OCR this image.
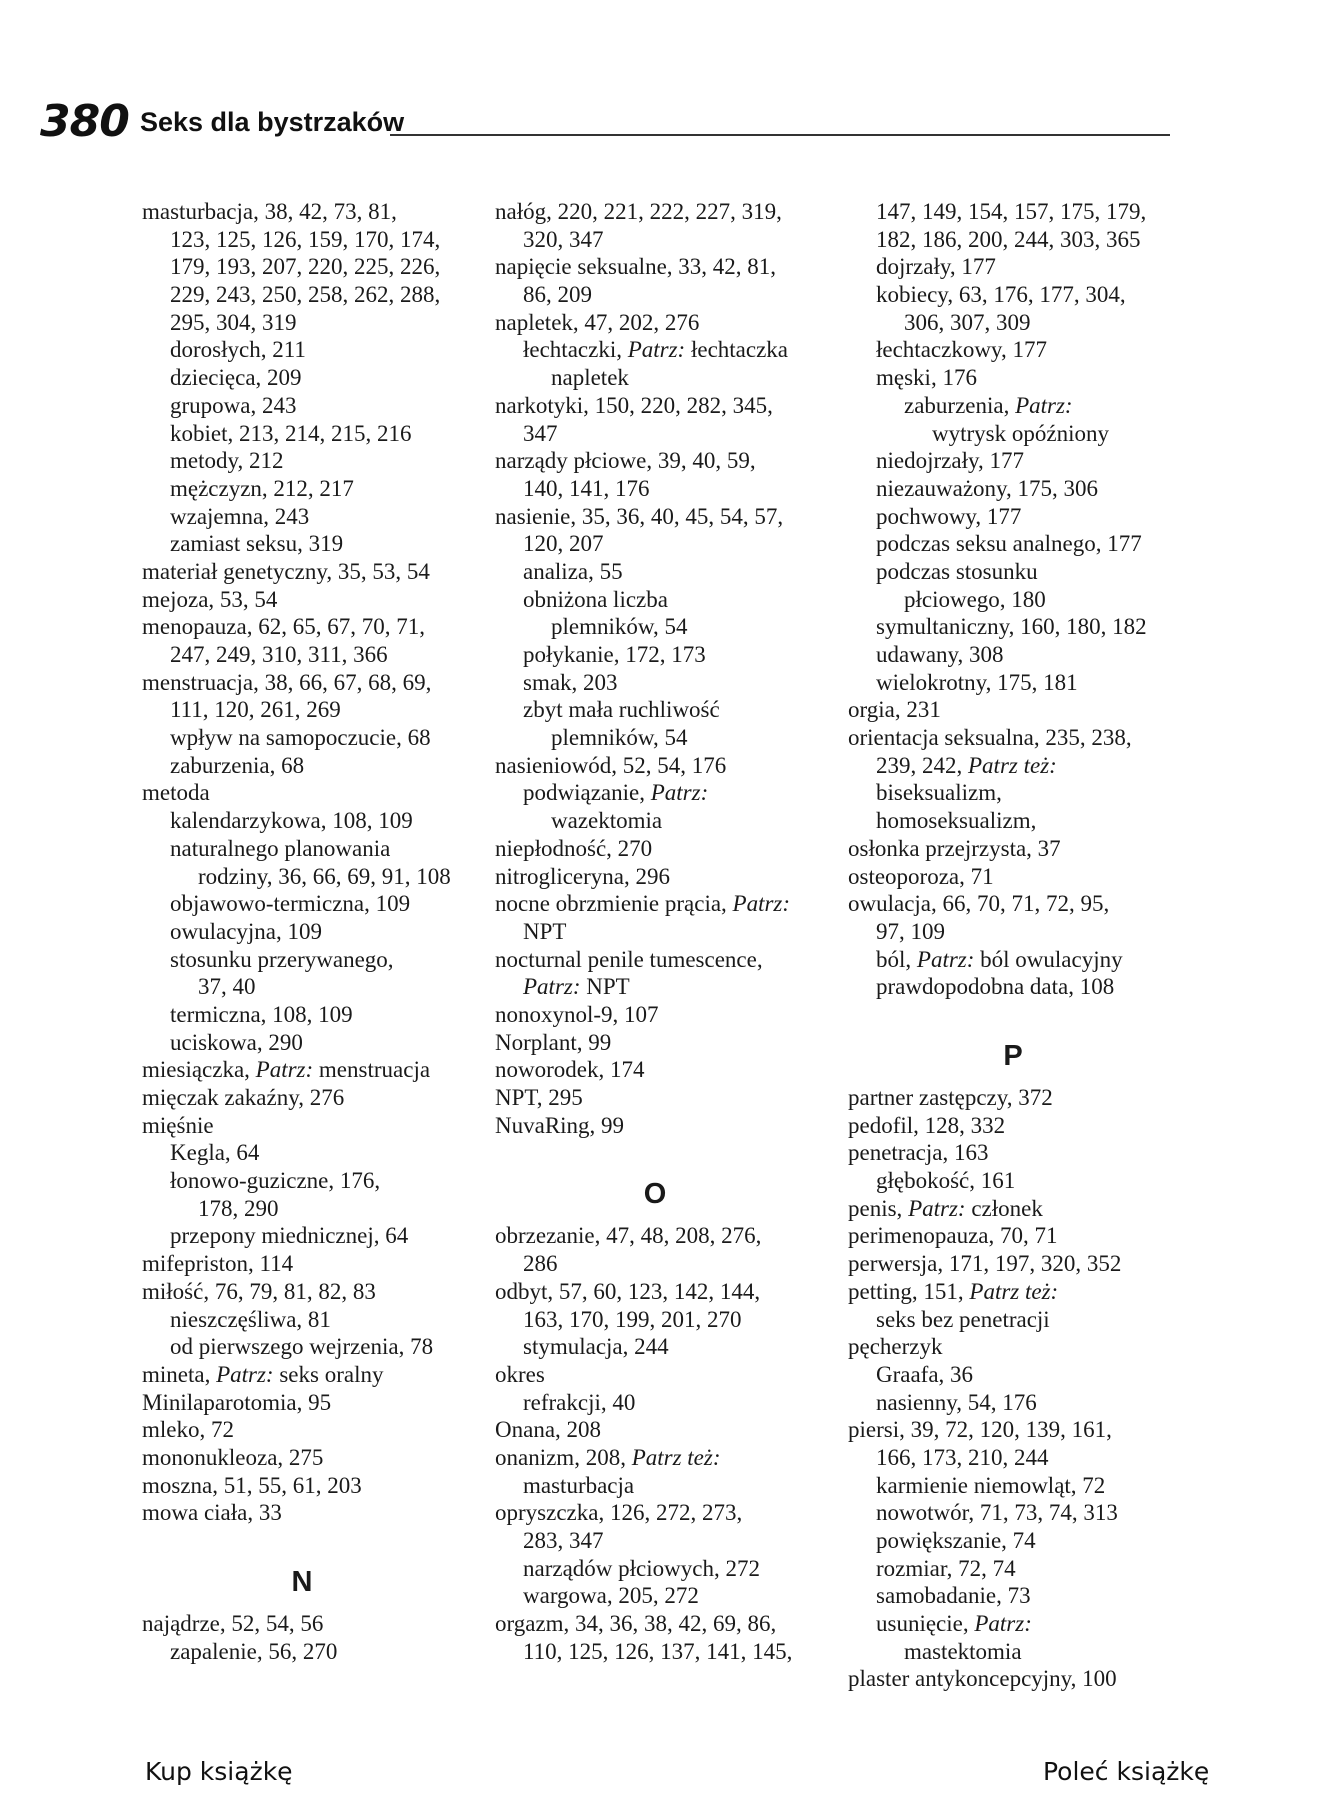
380 Seks dla bystrzaków
masturbacja, 38, 42, 73, 81,
123, 125, 126, 159, 170, 174,
179, 193, 207, 220, 225, 226,
229, 243, 250, 258, 262, 288,
295, 304, 319
dorosłych, 211
dziecięca, 209
grupowa, 243
kobiet, 213, 214, 215, 216
metody, 212
mężczyzn, 212, 217
wzajemna, 243
zamiast seksu, 319
materiał genetyczny, 35, 53, 54
mejoza, 53, 54
menopauza, 62, 65, 67, 70, 71,
247, 249, 310, 311, 366
menstruacja, 38, 66, 67, 68, 69,
111, 120, 261, 269
wpływ na samopoczucie, 68
zaburzenia, 68
metoda
kalendarzykowa, 108, 109
naturalnego planowania
rodziny, 36, 66, 69, 91, 108
objawowo-termiczna, 109
owulacyjna, 109
stosunku przerywanego,
37, 40
termiczna, 108, 109
uciskowa, 290
miesiączka, Patrz: menstruacja
mięczak zakaźny, 276
mięśnie
Kegla, 64
łonowo-guziczne, 176,
178, 290
przepony miednicznej, 64
mifepriston, 114
miłość, 76, 79, 81, 82, 83
nieszczęśliwa, 81
od pierwszego wejrzenia, 78
mineta, Patrz: seks oralny
Minilaparotomia, 95
mleko, 72
mononukleoza, 275
moszna, 51, 55, 61, 203
mowa ciała, 33
N
najądrze, 52, 54, 56
zapalenie, 56, 270
nałóg, 220, 221, 222, 227, 319,
320, 347
napięcie seksualne, 33, 42, 81,
86, 209
napletek, 47, 202, 276
łechtaczki, Patrz: łechtaczka
napletek
narkotyki, 150, 220, 282, 345,
347
narządy płciowe, 39, 40, 59,
140, 141, 176
nasienie, 35, 36, 40, 45, 54, 57,
120, 207
analiza, 55
obniżona liczba
plemników, 54
połykanie, 172, 173
smak, 203
zbyt mała ruchliwość
plemników, 54
nasieniowód, 52, 54, 176
podwiązanie, Patrz:
wazektomia
niepłodność, 270
nitrogliceryna, 296
nocne obrzmienie prącia, Patrz:
NPT
nocturnal penile tumescence,
Patrz: NPT
nonoxynol-9, 107
Norplant, 99
noworodek, 174
NPT, 295
NuvaRing, 99
O
obrzezanie, 47, 48, 208, 276,
286
odbyt, 57, 60, 123, 142, 144,
163, 170, 199, 201, 270
stymulacja, 244
okres
refrakcji, 40
Onana, 208
onanizm, 208, Patrz też:
masturbacja
opryszczka, 126, 272, 273,
283, 347
narządów płciowych, 272
wargowa, 205, 272
orgazm, 34, 36, 38, 42, 69, 86,
110, 125, 126, 137, 141, 145,
147, 149, 154, 157, 175, 179,
182, 186, 200, 244, 303, 365
dojrzały, 177
kobiecy, 63, 176, 177, 304,
306, 307, 309
łechtaczkowy, 177
męski, 176
zaburzenia, Patrz:
wytrysk opóźniony
niedojrzały, 177
niezauważony, 175, 306
pochwowy, 177
podczas seksu analnego, 177
podczas stosunku
płciowego, 180
symultaniczny, 160, 180, 182
udawany, 308
wielokrotny, 175, 181
orgia, 231
orientacja seksualna, 235, 238,
239, 242, Patrz też:
biseksualizm,
homoseksualizm,
osłonka przejrzysta, 37
osteoporoza, 71
owulacja, 66, 70, 71, 72, 95,
97, 109
ból, Patrz: ból owulacyjny
prawdopodobna data, 108
P
partner zastępczy, 372
pedofil, 128, 332
penetracja, 163
głębokość, 161
penis, Patrz: członek
perimenopauza, 70, 71
perwersja, 171, 197, 320, 352
petting, 151, Patrz też:
seks bez penetracji
pęcherzyk
Graafa, 36
nasienny, 54, 176
piersi, 39, 72, 120, 139, 161,
166, 173, 210, 244
karmienie niemowląt, 72
nowotwór, 71, 73, 74, 313
powiększanie, 74
rozmiar, 72, 74
samobadanie, 73
usunięcie, Patrz:
mastektomia
plaster antykoncepcyjny, 100
Kup książkę	Poleć książkę
